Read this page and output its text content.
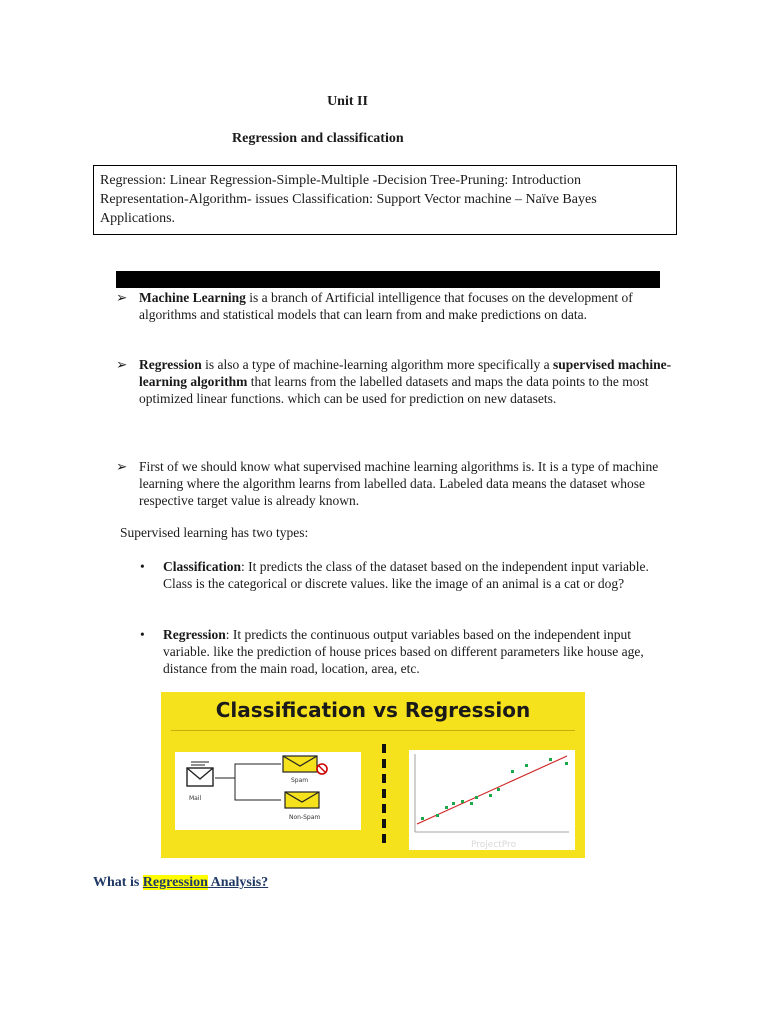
Unit II
Regression and classification
Regression: Linear Regression-Simple-Multiple -Decision Tree-Pruning: Introduction
Representation-Algorithm- issues Classification: Support Vector machine – Naïve Bayes
Applications.
➢ Machine Learning is a branch of Artificial intelligence that focuses on the development of algorithms and statistical models that can learn from and make predictions on data.
➢ Regression is also a type of machine-learning algorithm more specifically a supervised machine-learning algorithm that learns from the labelled datasets and maps the data points to the most optimized linear functions. which can be used for prediction on new datasets.
➢ First of we should know what supervised machine learning algorithms is. It is a type of machine learning where the algorithm learns from labelled data. Labeled data means the dataset whose respective target value is already known.
Supervised learning has two types:
• Classification: It predicts the class of the dataset based on the independent input variable. Class is the categorical or discrete values. like the image of an animal is a cat or dog?
• Regression: It predicts the continuous output variables based on the independent input variable. like the prediction of house prices based on different parameters like house age, distance from the main road, location, area, etc.
Classification vs Regression
Mail
Spam
Non-Spam
ProjectPro
What is Regression Analysis?
